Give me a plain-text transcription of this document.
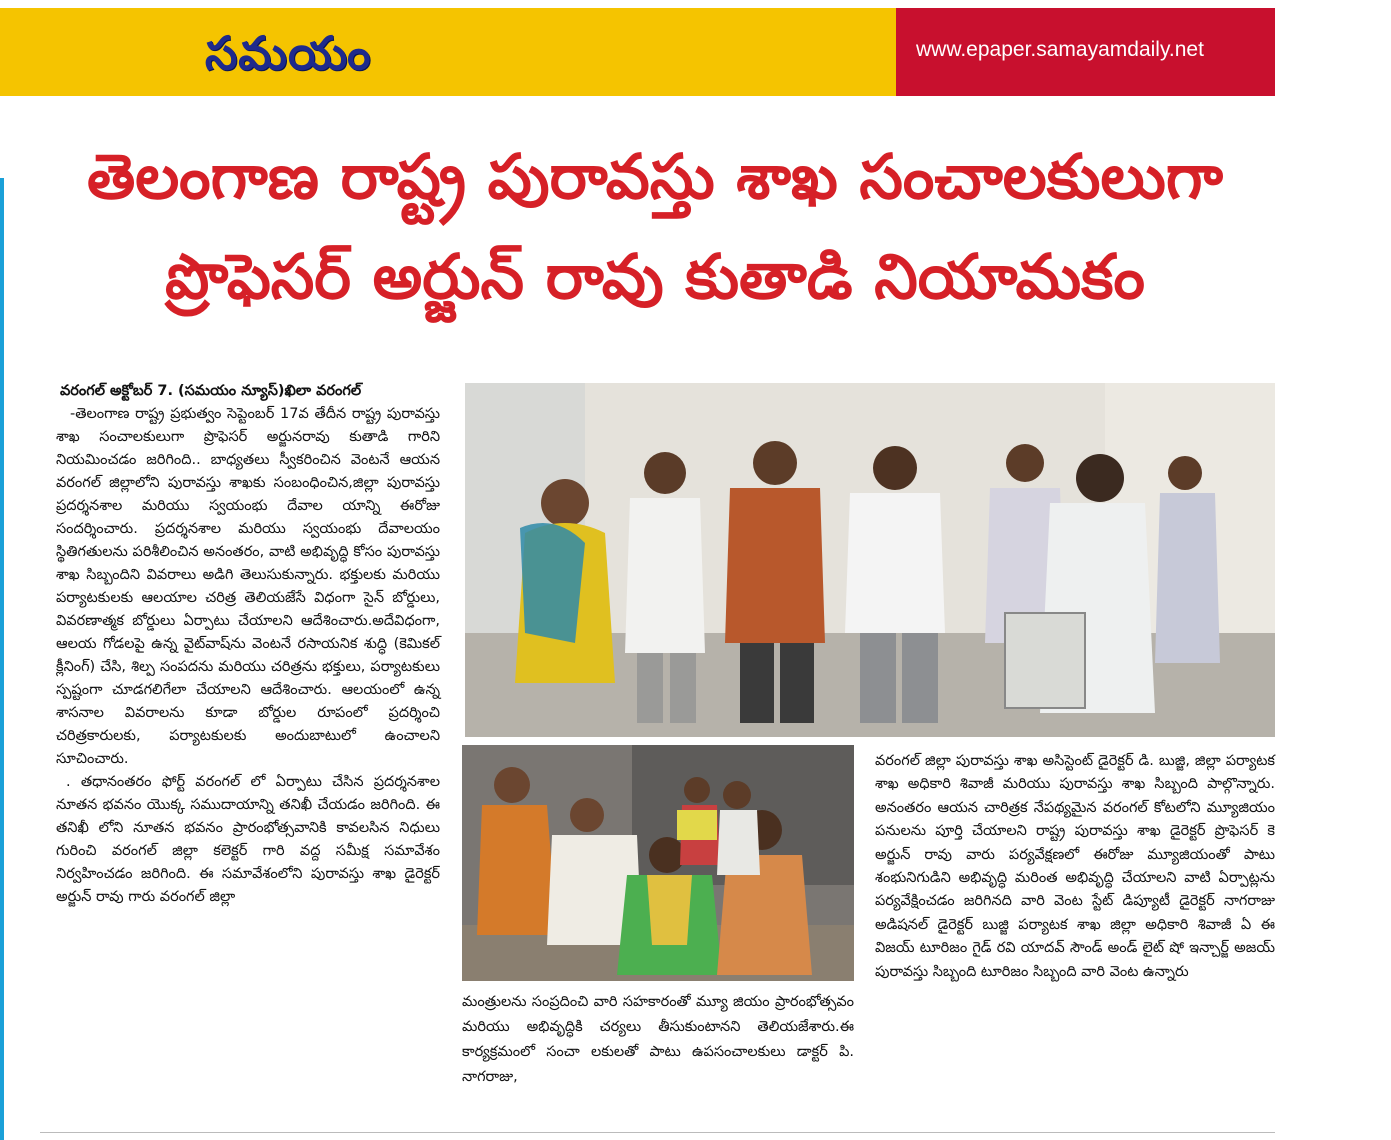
సమయం	www.epaper.samayamdaily.net
తెలంగాణ రాష్ట్ర పురావస్తు శాఖ సంచాలకులుగా
ప్రొఫెసర్ అర్జున్ రావు కుతాడి నియామకం
వరంగల్ అక్టోబర్ 7. (సమయం న్యూస్)ఖిలా వరంగల్
-తెలంగాణ రాష్ట్ర ప్రభుత్వం సెప్టెంబర్ 17వ తేదీన రాష్ట్ర పురావస్తు శాఖ సంచాలకులుగా ప్రొఫెసర్ అర్జునరావు కుతాడి గారిని నియమించడం జరిగింది.. బాధ్యతలు స్వీకరించిన వెంటనే ఆయన వరంగల్ జిల్లాలోని పురావస్తు శాఖకు సంబంధించిన,జిల్లా పురావస్తు ప్రదర్శనశాల మరియు స్వయంభు దేవాల యాన్ని ఈరోజు సందర్శించారు. ప్రదర్శనశాల మరియు స్వయంభు దేవాలయం స్థితిగతులను పరిశీలించిన అనంతరం, వాటి అభివృద్ధి కోసం పురావస్తు శాఖ సిబ్బందిని వివరాలు అడిగి తెలుసుకున్నారు. భక్తులకు మరియు పర్యాటకులకు ఆలయాల చరిత్ర తెలియజేసే విధంగా సైన్ బోర్డులు, వివరణాత్మక బోర్డులు ఏర్పాటు చేయాలని ఆదేశించారు.అదేవిధంగా, ఆలయ గోడలపై ఉన్న వైట్‌వాష్‌ను వెంటనే రసాయనిక శుద్ధి (కెమికల్ క్లీనింగ్) చేసి, శిల్ప సంపదను మరియు చరిత్రను భక్తులు, పర్యాటకులు స్పష్టంగా చూడగలిగేలా చేయాలని ఆదేశించారు. ఆలయంలో ఉన్న శాసనాల వివరాలను కూడా బోర్డుల రూపంలో ప్రదర్శించి చరిత్రకారులకు, పర్యాటకులకు అందుబాటులో ఉంచాలని సూచించారు.
. తధానంతరం ఫోర్ట్ వరంగల్ లో ఏర్పాటు చేసిన ప్రదర్శనశాల నూతన భవనం యొక్క సముదాయాన్ని తనిఖీ చేయడం జరిగింది. ఈ తనిఖీ లోని నూతన భవనం ప్రారంభోత్సవానికి కావలసిన నిధులు గురించి వరంగల్ జిల్లా కలెక్టర్ గారి వద్ద సమీక్ష సమావేశం నిర్వహించడం జరిగింది. ఈ సమావేశంలోని పురావస్తు శాఖ డైరెక్టర్ అర్జున్ రావు గారు వరంగల్ జిల్లా
మంత్రులను సంప్రదించి వారి సహకారంతో మ్యూ జియం ప్రారంభోత్సవం మరియు అభివృద్ధికి చర్యలు తీసుకుంటానని తెలియజేశారు.ఈ కార్యక్రమంలో సంచా లకులతో పాటు ఉపసంచాలకులు డాక్టర్ పి. నాగరాజు,
వరంగల్ జిల్లా పురావస్తు శాఖ అసిస్టెంట్ డైరెక్టర్ డి. బుజ్జి, జిల్లా పర్యాటక శాఖ అధికారి శివాజీ మరియు పురావస్తు శాఖ సిబ్బంది పాల్గొన్నారు. అనంతరం ఆయన చారిత్రక నేపథ్యమైన వరంగల్ కోటలోని మ్యూజియం పనులను పూర్తి చేయాలని రాష్ట్ర పురావస్తు శాఖ డైరెక్టర్ ప్రొఫెసర్ కె అర్జున్ రావు వారు పర్యవేక్షణలో ఈరోజు మ్యూజియంతో పాటు శంభునిగుడిని అభివృద్ధి మరింత అభివృద్ధి చేయాలని వాటి ఏర్పాట్లను పర్యవేక్షించడం జరిగినది వారి వెంట స్టేట్ డిప్యూటీ డైరెక్టర్ నాగరాజు అడిషనల్ డైరెక్టర్ బుజ్జి పర్యాటక శాఖ జిల్లా అధికారి శివాజీ ఏ ఈ విజయ్ టూరిజం గైడ్ రవి యాదవ్ సౌండ్ అండ్ లైట్ షో ఇన్చార్జ్ అజయ్ పురావస్తు సిబ్బంది టూరిజం సిబ్బంది వారి వెంట ఉన్నారు
